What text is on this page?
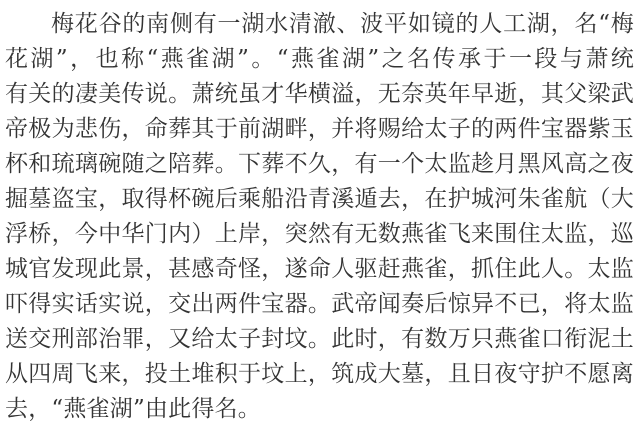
梅花谷的南侧有一湖水清澈、波平如镜的人工湖，名“梅
花湖”，也称“燕雀湖”。“燕雀湖”之名传承于一段与萧统
有关的凄美传说。萧统虽才华横溢，无奈英年早逝，其父梁武
帝极为悲伤，命葬其于前湖畔，并将赐给太子的两件宝器紫玉
杯和琉璃碗随之陪葬。下葬不久，有一个太监趁月黑风高之夜
掘墓盗宝，取得杯碗后乘船沿青溪遁去，在护城河朱雀航（大
浮桥，今中华门内）上岸，突然有无数燕雀飞来围住太监，巡
城官发现此景，甚感奇怪，遂命人驱赶燕雀，抓住此人。太监
吓得实话实说，交出两件宝器。武帝闻奏后惊异不已，将太监
送交刑部治罪，又给太子封坟。此时，有数万只燕雀口衔泥土
从四周飞来，投土堆积于坟上，筑成大墓，且日夜守护不愿离
去，“燕雀湖”由此得名。
